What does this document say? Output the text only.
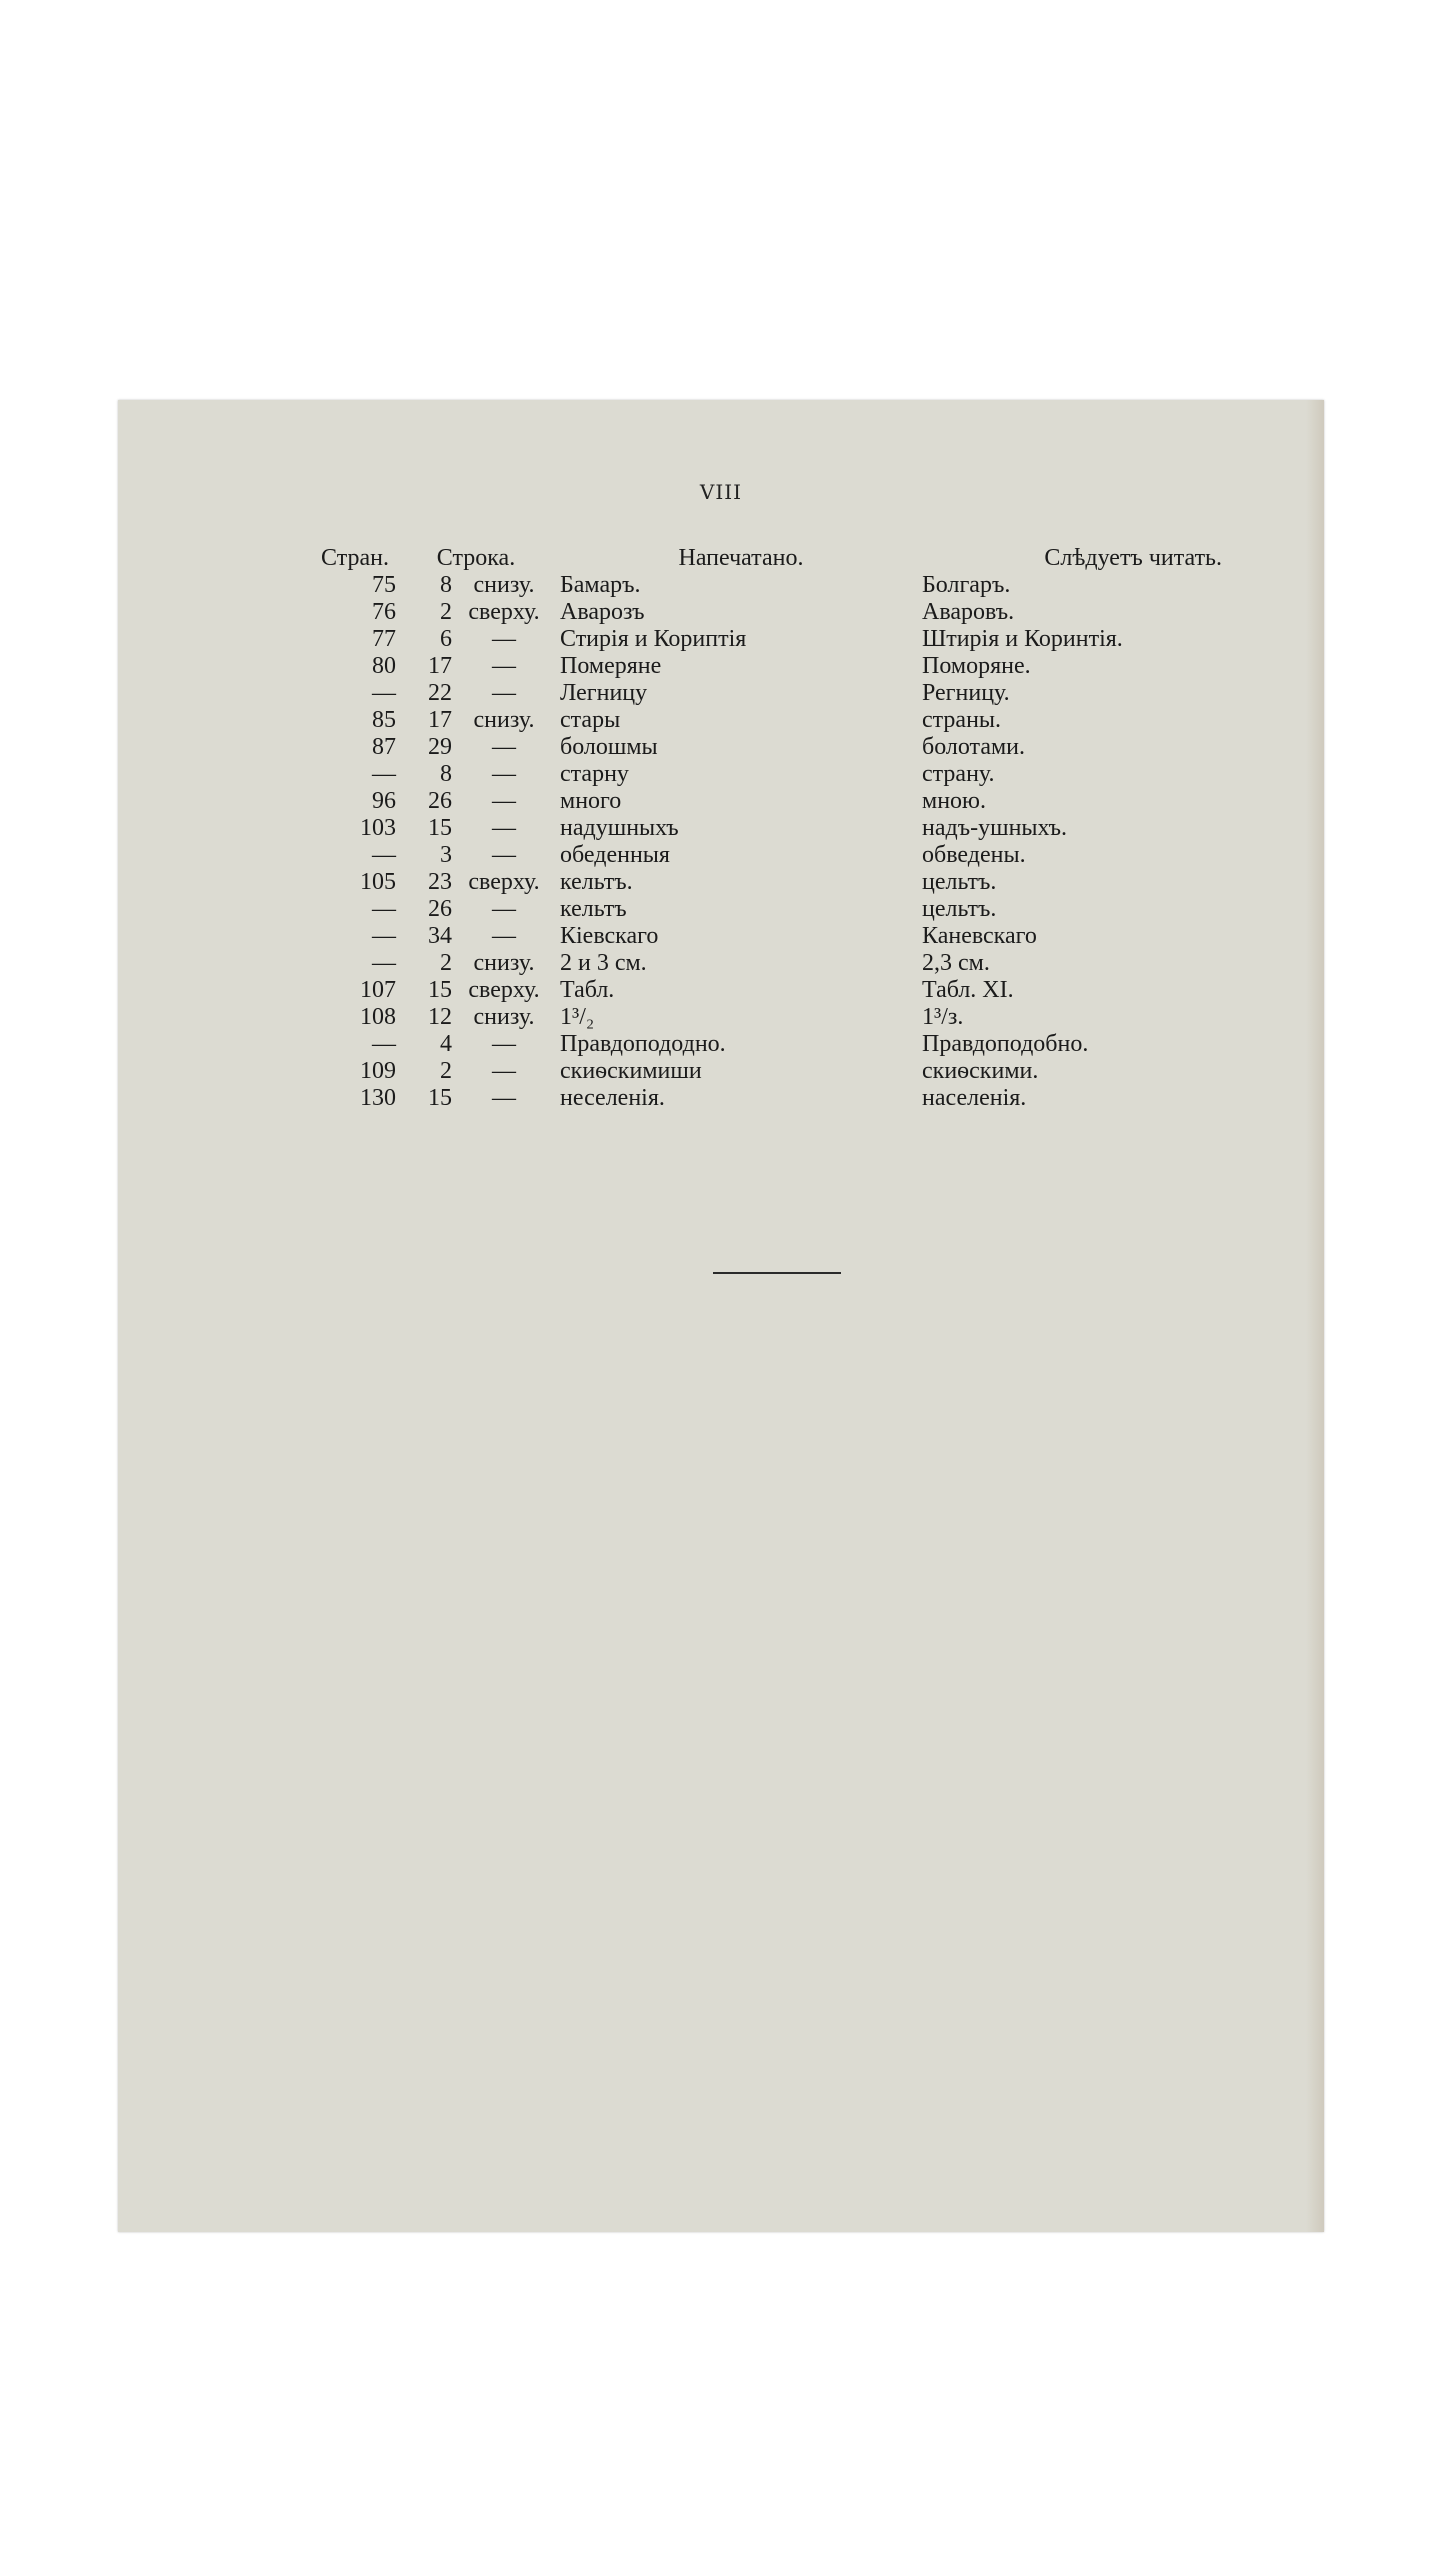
VIII
Стран.	Строка.		Напечатано.	Слѣдуетъ читать.
75	8	снизу.	Бамаръ.	Болгаръ.
76	2	сверху.	Аварозъ	Аваровъ.
77	6	—	Стирія и Кориптія	Штирія и Коринтія.
80	17	—	Померяне	Поморяне.
—	22	—	Легницу	Регницу.
85	17	снизу.	стары	страны.
87	29	—	болошмы	болотами.
—	8	—	старну	страну.
96	26	—	много	мною.
103	15	—	надушныхъ	надъ-ушныхъ.
—	3	—	обеденныя	обведены.
105	23	сверху.	кельтъ.	цельтъ.
—	26	—	кельтъ	цельтъ.
—	34	—	Кіевскаго	Каневскаго
—	2	снизу.	2 и 3 см.	2,3 см.
107	15	сверху.	Табл.	Табл. XI.
108	12	снизу.	1³/₂	1³/з.
—	4	—	Правдопододно.	Правдоподобно.
109	2	—	скиѳскимиши	скиѳскими.
130	15	—	неселенія.	населенія.
